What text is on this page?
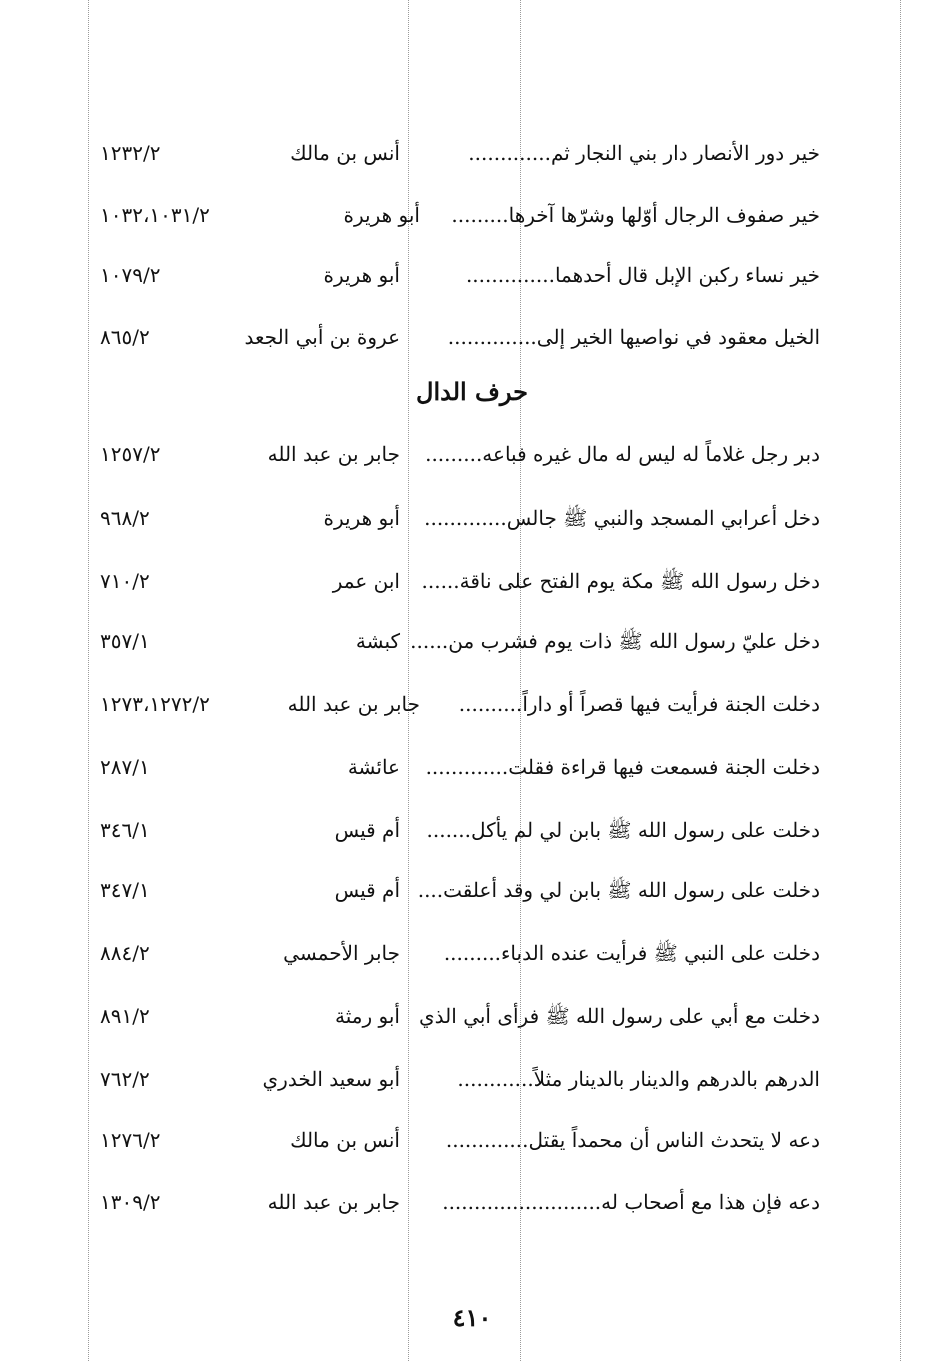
خير دور الأنصار دار بني النجار ثم.............
أنس بن مالك
١٢٣٢/٢
خير صفوف الرجال أوّلها وشرّها آخرها.........
أبو هريرة
١٠٣٢،١٠٣١/٢
خير نساء ركبن الإبل قال أحدهما..............
أبو هريرة
١٠٧٩/٢
الخيل معقود في نواصيها الخير إلى..............
عروة بن أبي الجعد
٨٦٥/٢
حرف الدال
دبر رجل غلاماً له ليس له مال غيره فباعه.........
جابر بن عبد الله
١٢٥٧/٢
دخل أعرابي المسجد والنبي ﷺ جالس.............
أبو هريرة
٩٦٨/٢
دخل رسول الله ﷺ مكة يوم الفتح على ناقة......
ابن عمر
٧١٠/٢
دخل عليّ رسول الله ﷺ ذات يوم فشرب من......
كبشة
٣٥٧/١
دخلت الجنة فرأيت فيها قصراً أو داراً..........
جابر بن عبد الله
١٢٧٣،١٢٧٢/٢
دخلت الجنة فسمعت فيها قراءة فقلت.............
عائشة
٢٨٧/١
دخلت على رسول الله ﷺ بابن لي لم يأكل.......
أم قيس
٣٤٦/١
دخلت على رسول الله ﷺ بابن لي وقد أعلقت....
أم قيس
٣٤٧/١
دخلت على النبي ﷺ فرأيت عنده الدباء.........
جابر الأحمسي
٨٨٤/٢
دخلت مع أبي على رسول الله ﷺ فرأى أبي الذي
أبو رمثة
٨٩١/٢
الدرهم بالدرهم والدينار بالدينار مثلاً............
أبو سعيد الخدري
٧٦٢/٢
دعه لا يتحدث الناس أن محمداً يقتل.............
أنس بن مالك
١٢٧٦/٢
دعه فإن هذا مع أصحاب له.........................
جابر بن عبد الله
١٣٠٩/٢
٤١٠
